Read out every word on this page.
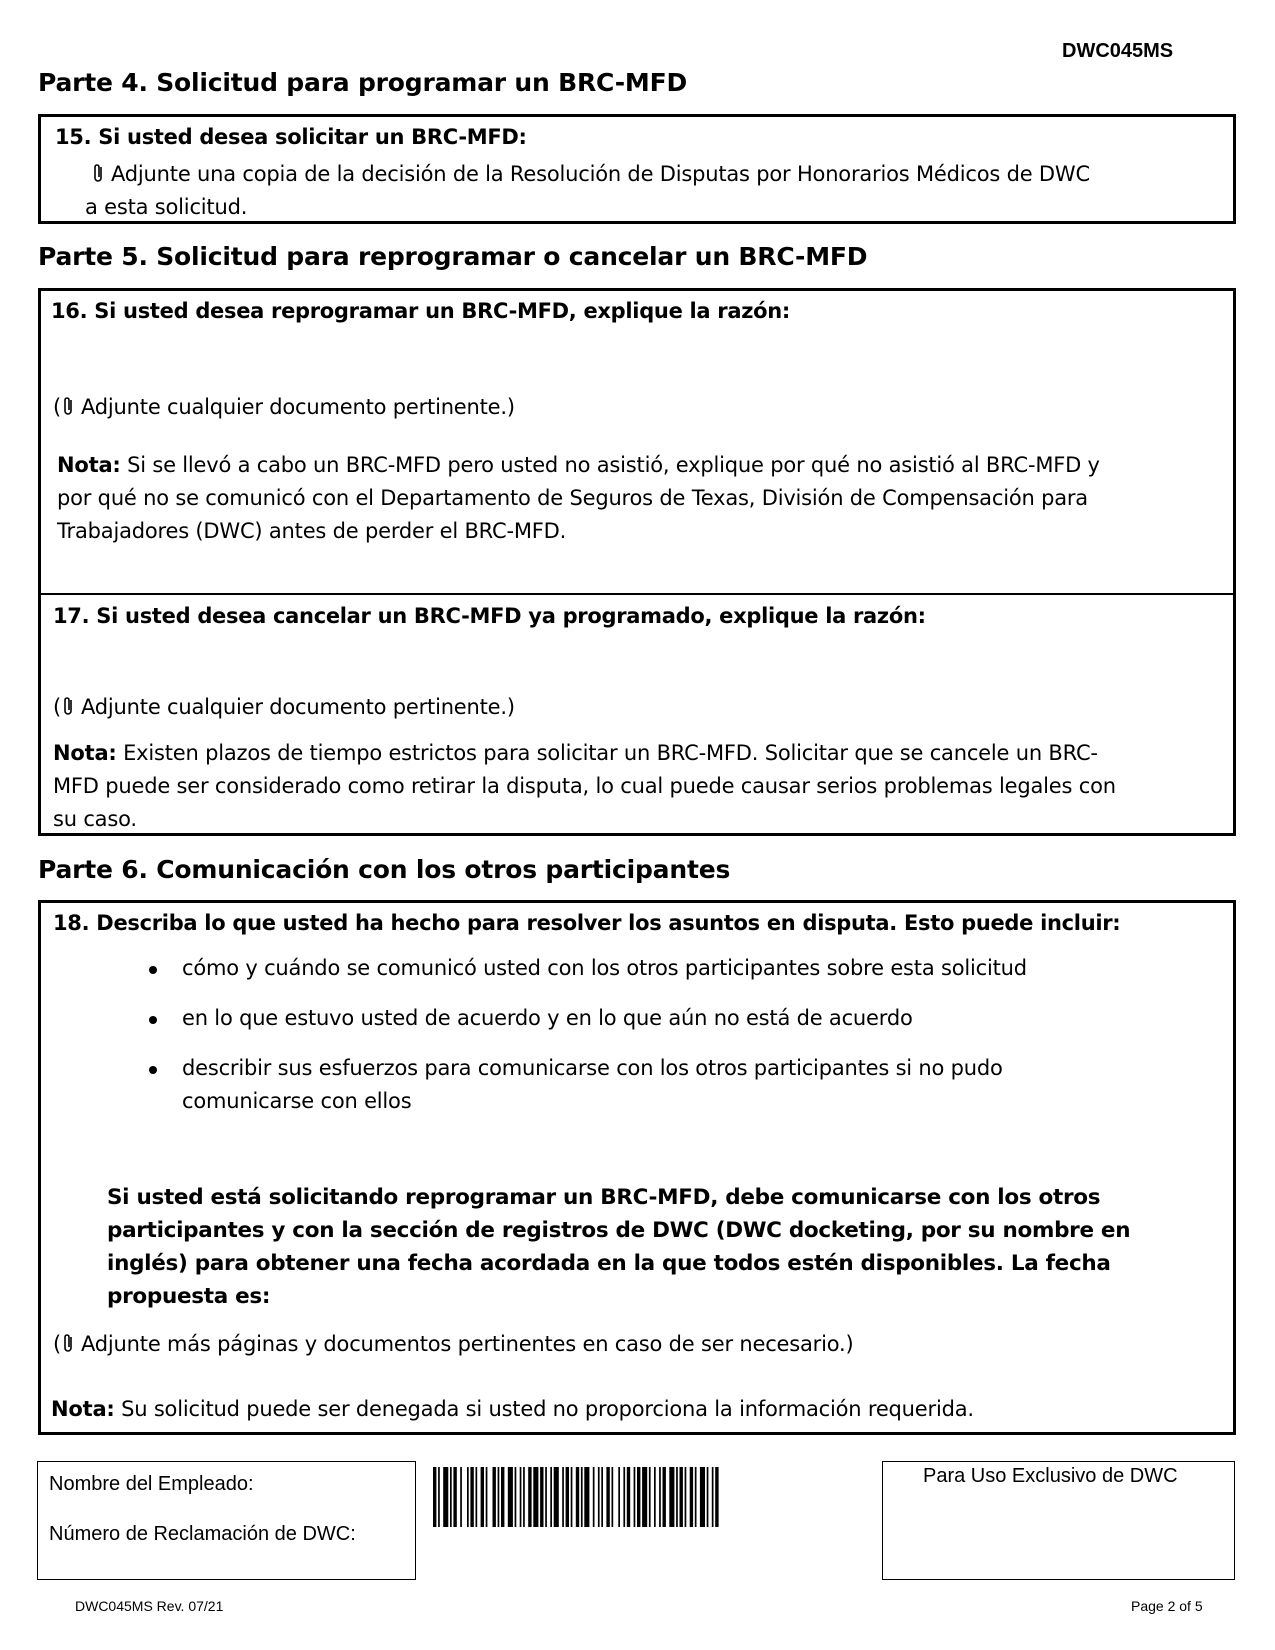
DWC045MS
Parte 4. Solicitud para programar un BRC-MFD
15. Si usted desea solicitar un BRC-MFD:
Adjunte una copia de la decisión de la Resolución de Disputas por Honorarios Médicos de DWC
a esta solicitud.
Parte 5. Solicitud para reprogramar o cancelar un BRC-MFD
16. Si usted desea reprogramar un BRC-MFD, explique la razón:
( Adjunte cualquier documento pertinente.)
Nota: Si se llevó a cabo un BRC-MFD pero usted no asistió, explique por qué no asistió al BRC-MFD y
por qué no se comunicó con el Departamento de Seguros de Texas, División de Compensación para
Trabajadores (DWC) antes de perder el BRC-MFD.
17. Si usted desea cancelar un BRC-MFD ya programado, explique la razón:
( Adjunte cualquier documento pertinente.)
Nota: Existen plazos de tiempo estrictos para solicitar un BRC-MFD. Solicitar que se cancele un BRC-
MFD puede ser considerado como retirar la disputa, lo cual puede causar serios problemas legales con
su caso.
Parte 6. Comunicación con los otros participantes
18. Describa lo que usted ha hecho para resolver los asuntos en disputa. Esto puede incluir:
cómo y cuándo se comunicó usted con los otros participantes sobre esta solicitud
en lo que estuvo usted de acuerdo y en lo que aún no está de acuerdo
describir sus esfuerzos para comunicarse con los otros participantes si no pudo
comunicarse con ellos
Si usted está solicitando reprogramar un BRC-MFD, debe comunicarse con los otros
participantes y con la sección de registros de DWC (DWC docketing, por su nombre en
inglés) para obtener una fecha acordada en la que todos estén disponibles. La fecha
propuesta es:
( Adjunte más páginas y documentos pertinentes en caso de ser necesario.)
Nota: Su solicitud puede ser denegada si usted no proporciona la información requerida.
Nombre del Empleado:
Número de Reclamación de DWC:
Para Uso Exclusivo de DWC
DWC045MS Rev. 07/21	Page 2 of 5
